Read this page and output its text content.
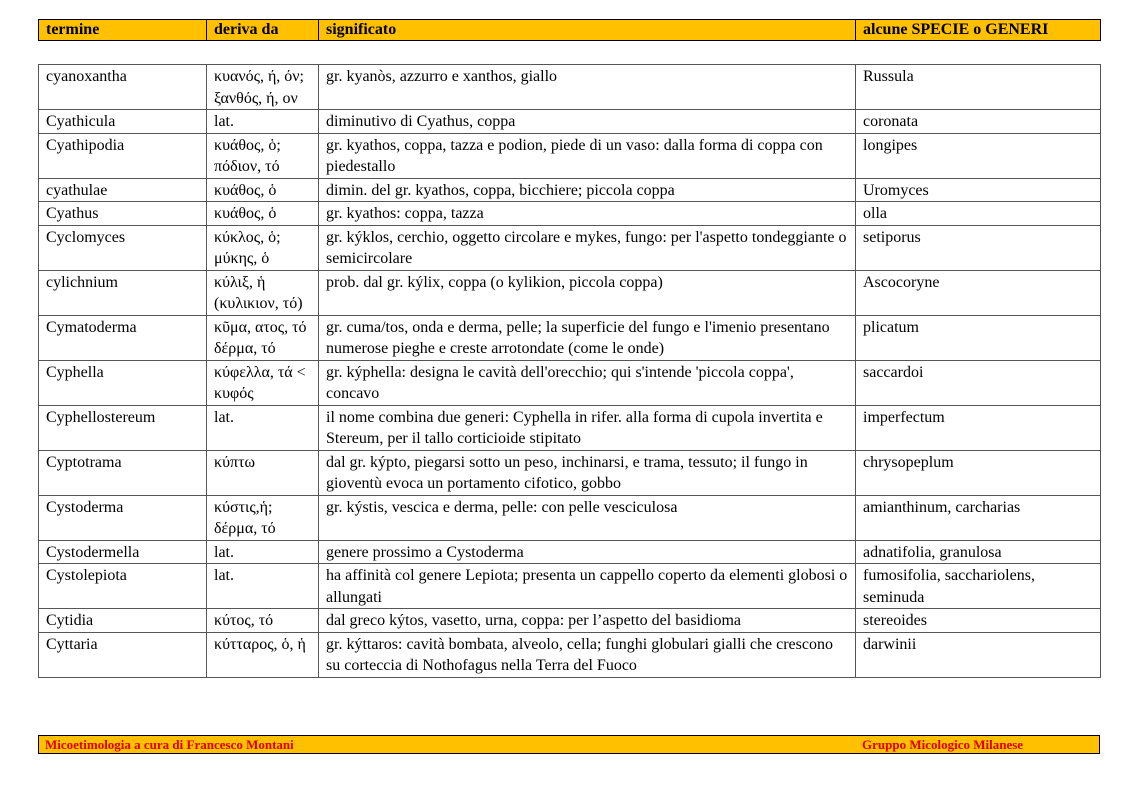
termine	deriva da	significato	alcune SPECIE o GENERI
cyanoxantha	κυανός, ή, όν; ξανθός, ή, ον	gr. kyanòs, azzurro e xanthos, giallo	Russula
Cyathicula	lat.	diminutivo di Cyathus, coppa	coronata
Cyathipodia	κυάθος, ὁ; πόδιον, τό	gr. kyathos, coppa, tazza e podion, piede di un vaso: dalla forma di coppa con piedestallo	longipes
cyathulae	κυάθος, ὁ	dimin. del gr. kyathos, coppa, bicchiere; piccola coppa	Uromyces
Cyathus	κυάθος, ὁ	gr. kyathos: coppa, tazza	olla
Cyclomyces	κύκλος, ὁ; μύκης, ὁ	gr. kýklos, cerchio, oggetto circolare e mykes, fungo: per l'aspetto tondeggiante o semicircolare	setiporus
cylichnium	κύλιξ, ἡ (κυλικιον, τό)	prob. dal gr. kýlix, coppa (o kylikion, piccola coppa)	Ascocoryne
Cymatoderma	κῦμα, ατος, τό δέρμα, τό	gr. cuma/tos, onda e derma, pelle; la superficie del fungo e l'imenio presentano numerose pieghe e creste arrotondate (come le onde)	plicatum
Cyphella	κύφελλα, τά < κυφός	gr. kýphella: designa le cavità dell'orecchio; qui s'intende 'piccola coppa', concavo	saccardoi
Cyphellostereum	lat.	il nome combina due generi: Cyphella in rifer. alla forma di cupola invertita e Stereum, per il tallo corticioide stipitato	imperfectum
Cyptotrama	κύπτω	dal gr. kýpto, piegarsi sotto un peso, inchinarsi, e trama, tessuto; il fungo in gioventù evoca un portamento cifotico, gobbo	chrysopeplum
Cystoderma	κύστις,ἡ; δέρμα, τό	gr. kýstis, vescica e derma, pelle: con pelle vesciculosa	amianthinum, carcharias
Cystodermella	lat.	genere prossimo a Cystoderma	adnatifolia, granulosa
Cystolepiota	lat.	ha affinità col genere Lepiota; presenta un cappello coperto da elementi globosi o allungati	fumosifolia, sacchariolens, seminuda
Cytidia	κύτος, τό	dal greco kýtos, vasetto, urna, coppa: per l’aspetto del basidioma	stereoides
Cyttaria	κύτταρος, ὁ, ἡ	gr. kýttaros: cavità bombata, alveolo, cella; funghi globulari gialli che crescono su corteccia di Nothofagus nella Terra del Fuoco	darwinii
Micoetimologia a cura di Francesco Montani	Gruppo Micologico Milanese
